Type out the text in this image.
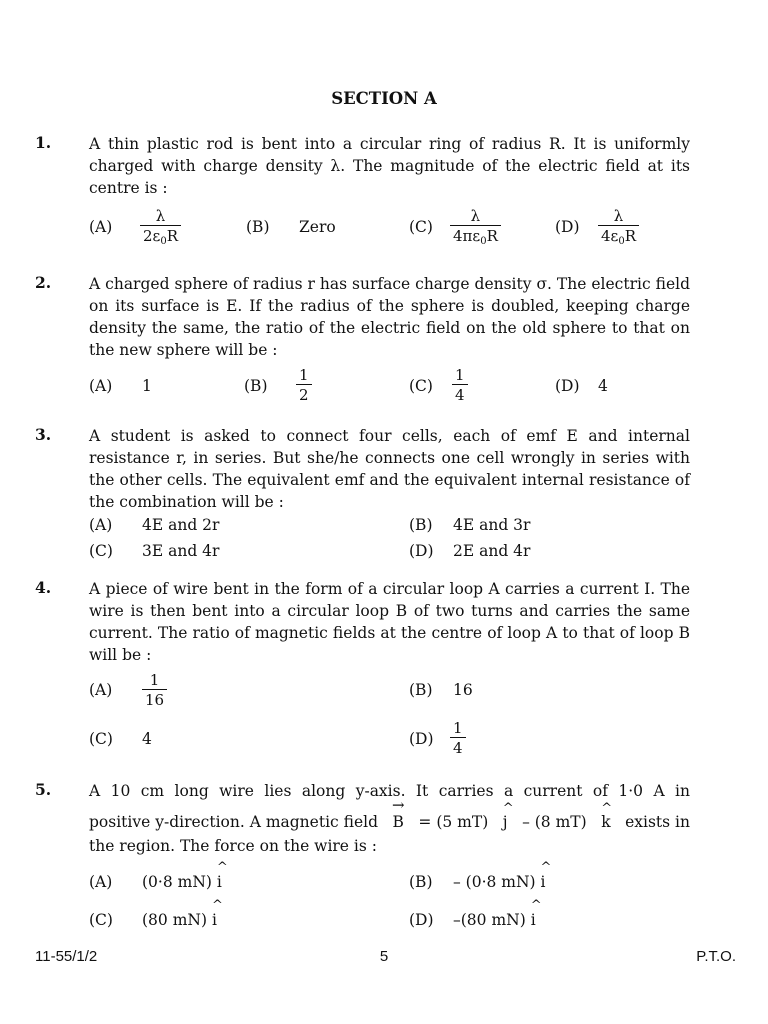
SECTION A
1. A thin plastic rod is bent into a circular ring of radius R. It is uniformly charged with charge density λ. The magnitude of the electric field at its centre is :
$(A) \frac{\lambda}{2\varepsilon_0R}$	(B) Zero	$(C) \frac{\lambda}{4\pi\varepsilon_0R}$	$(D) \frac{\lambda}{4\varepsilon_0R}$
2. A charged sphere of radius r has surface charge density σ. The electric field on its surface is E. If the radius of the sphere is doubled, keeping charge density the same, the ratio of the electric field on the old sphere to that on the new sphere will be :
(A) 1	$(B) \frac{1}{2}$	$(C) \frac{1}{4}$	(D) 4
3. A student is asked to connect four cells, each of emf E and internal resistance r, in series. But she/he connects one cell wrongly in series with the other cells. The equivalent emf and the equivalent internal resistance of the combination will be :
(A) 4E and 2r	(B) 4E and 3r
(C) 3E and 4r	(D) 2E and 4r
4. A piece of wire bent in the form of a circular loop A carries a current I. The wire is then bent into a circular loop B of two turns and carries the same current. The ratio of magnetic fields at the centre of loop A to that of loop B will be :
$(A) \frac{1}{16}$	(B) 16
(C) 4	$(D) \frac{1}{4}$
5. A 10 cm long wire lies along y-axis. It carries a current of 1·0 A in
positive y-direction. A magnetic field
→
B = (5 mT)
^
j – (8 mT)
^
k exists in
the region. The force on the wire is :
(A) (0·8 mN)
^
i	(B) – (0·8 mN)
^
i
(C) (80 mN)
^
i	(D) –(80 mN)
^
i
11-55/1/2	5	P.T.O.
